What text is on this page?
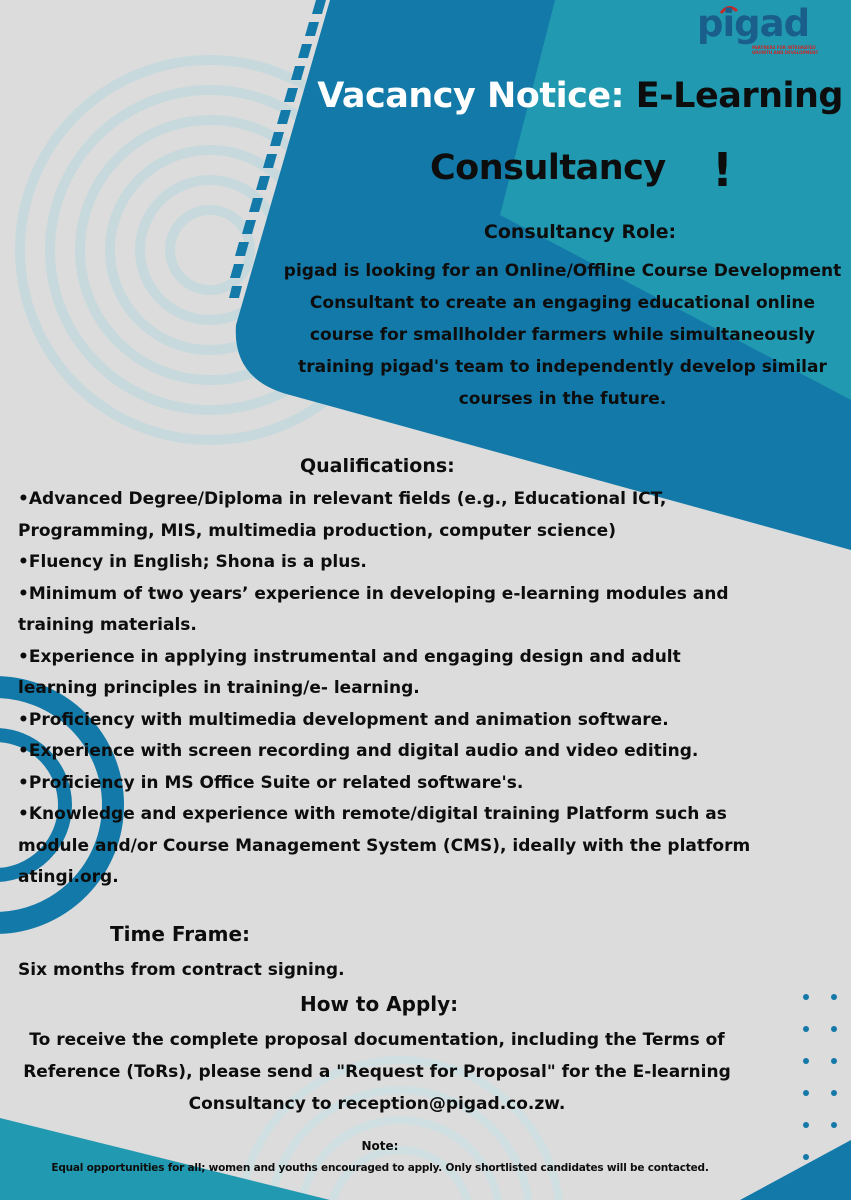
pigad
PARTNERS FOR INTEGRATED GROWTH AND DEVELOPMENT
Vacancy Notice: E-Learning
Consultancy	!
Consultancy Role:

pigad is looking for an Online/Offline Course Development Consultant to create an engaging educational online course for smallholder farmers while simultaneously training pigad's team to independently develop similar courses in the future.

Qualifications:
•Advanced Degree/Diploma in relevant fields (e.g., Educational ICT, Programming, MIS, multimedia production, computer science)
•Fluency in English; Shona is a plus.
•Minimum of two years’ experience in developing e-learning modules and training materials.
•Experience in applying instrumental and engaging design and adult learning principles in training/e- learning.
•Proficiency with multimedia development and animation software.
•Experience with screen recording and digital audio and video editing.
•Proficiency in MS Office Suite or related software's.
•Knowledge and experience with remote/digital training Platform such as module and/or Course Management System (CMS), ideally with the platform atingi.org.
Time Frame:

Six months from contract signing.

How to Apply:

To receive the complete proposal documentation, including the Terms of Reference (ToRs), please send a "Request for Proposal" for the E-learning Consultancy to reception@pigad.co.zw.

Note:
Equal opportunities for all; women and youths encouraged to apply. Only shortlisted candidates will be contacted.
